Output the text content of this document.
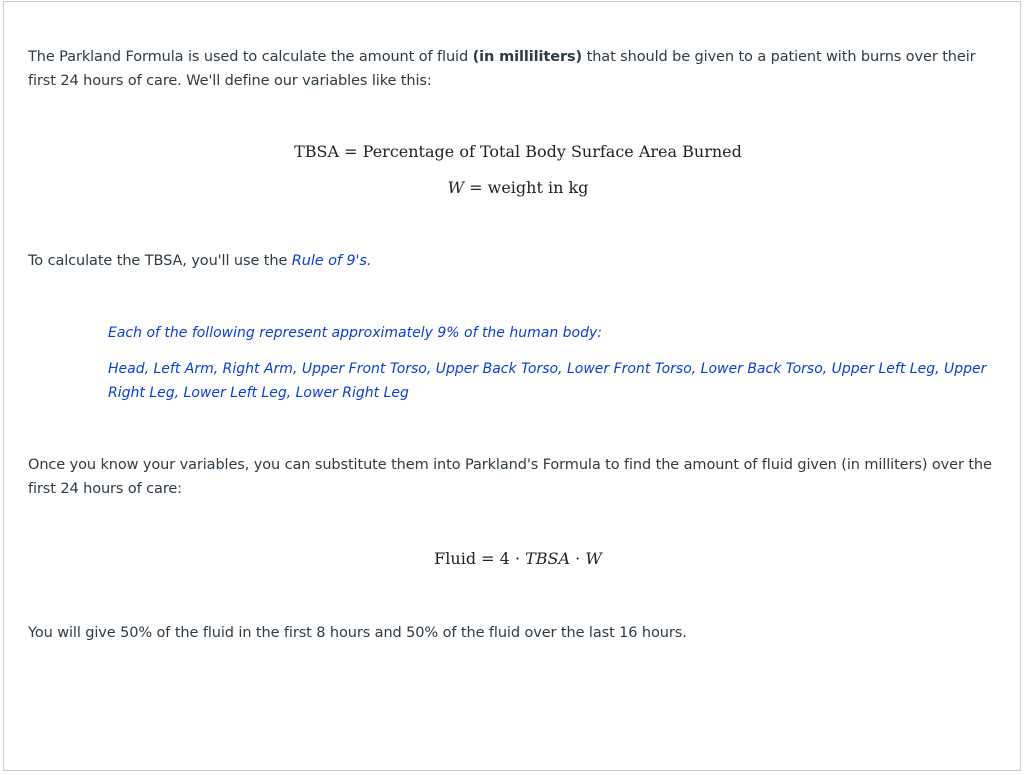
The Parkland Formula is used to calculate the amount of fluid (in milliliters) that should be given to a patient with burns over their first 24 hours of care. We'll define our variables like this:

TBSA = Percentage of Total Body Surface Area Burned
W = weight in kg

To calculate the TBSA, you'll use the Rule of 9's.

Each of the following represent approximately 9% of the human body:
Head, Left Arm, Right Arm, Upper Front Torso, Upper Back Torso, Lower Front Torso, Lower Back Torso, Upper Left Leg, Upper Right Leg, Lower Left Leg, Lower Right Leg

Once you know your variables, you can substitute them into Parkland's Formula to find the amount of fluid given (in milliters) over the first 24 hours of care:

Fluid = 4 · TBSA · W

You will give 50% of the fluid in the first 8 hours and 50% of the fluid over the last 16 hours.
